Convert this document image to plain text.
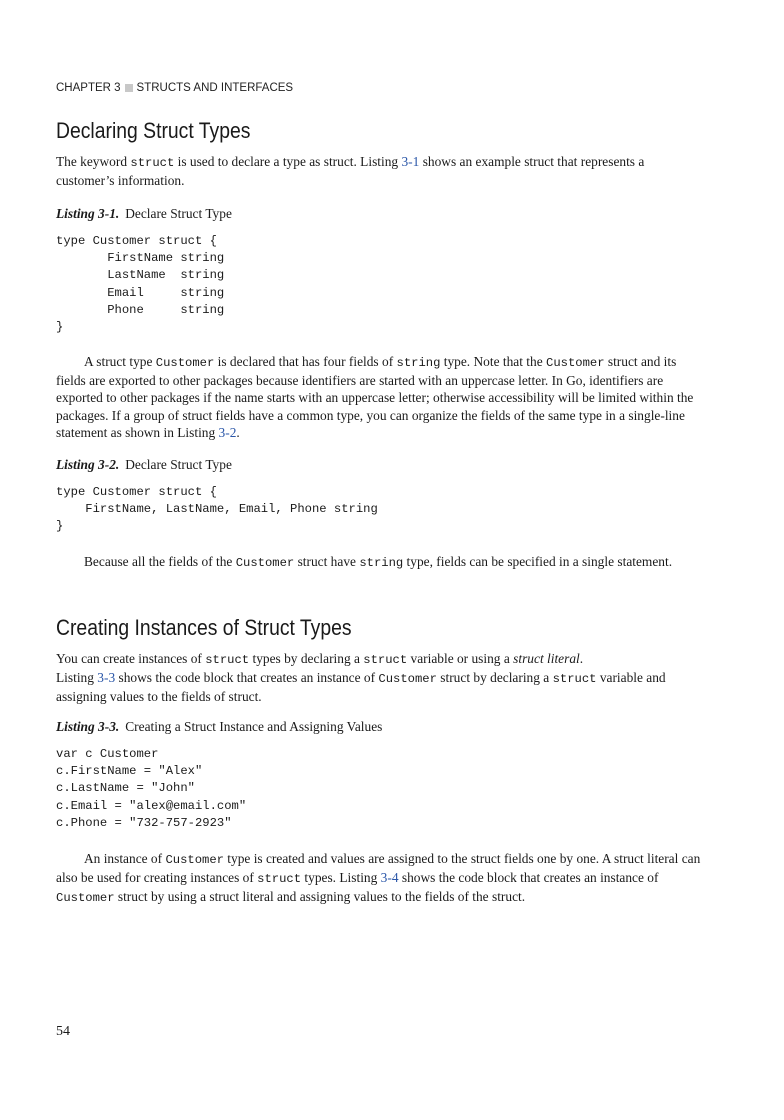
CHAPTER 3 STRUCTS AND INTERFACES
Declaring Struct Types

The keyword struct is used to declare a type as struct. Listing 3-1 shows an example struct that represents a customer’s information.

Listing 3-1. Declare Struct Type
type Customer struct {
FirstName string
LastName  string
Email     string
Phone     string
}

A struct type Customer is declared that has four fields of string type. Note that the Customer struct and its fields are exported to other packages because identifiers are started with an uppercase letter. In Go, identifiers are exported to other packages if the name starts with an uppercase letter; otherwise accessibility will be limited within the packages. If a group of struct fields have a common type, you can organize the fields of the same type in a single-line statement as shown in Listing 3-2.

Listing 3-2. Declare Struct Type
type Customer struct {
FirstName, LastName, Email, Phone string
}

Because all the fields of the Customer struct have string type, fields can be specified in a single statement.

Creating Instances of Struct Types

You can create instances of struct types by declaring a struct variable or using a struct literal.
Listing 3-3 shows the code block that creates an instance of Customer struct by declaring a struct variable and assigning values to the fields of struct.

Listing 3-3. Creating a Struct Instance and Assigning Values
var c Customer
c.FirstName = "Alex"
c.LastName = "John"
c.Email = "alex@email.com"
c.Phone = "732-757-2923"

An instance of Customer type is created and values are assigned to the struct fields one by one. A struct literal can also be used for creating instances of struct types. Listing 3-4 shows the code block that creates an instance of Customer struct by using a struct literal and assigning values to the fields of the struct.

54
